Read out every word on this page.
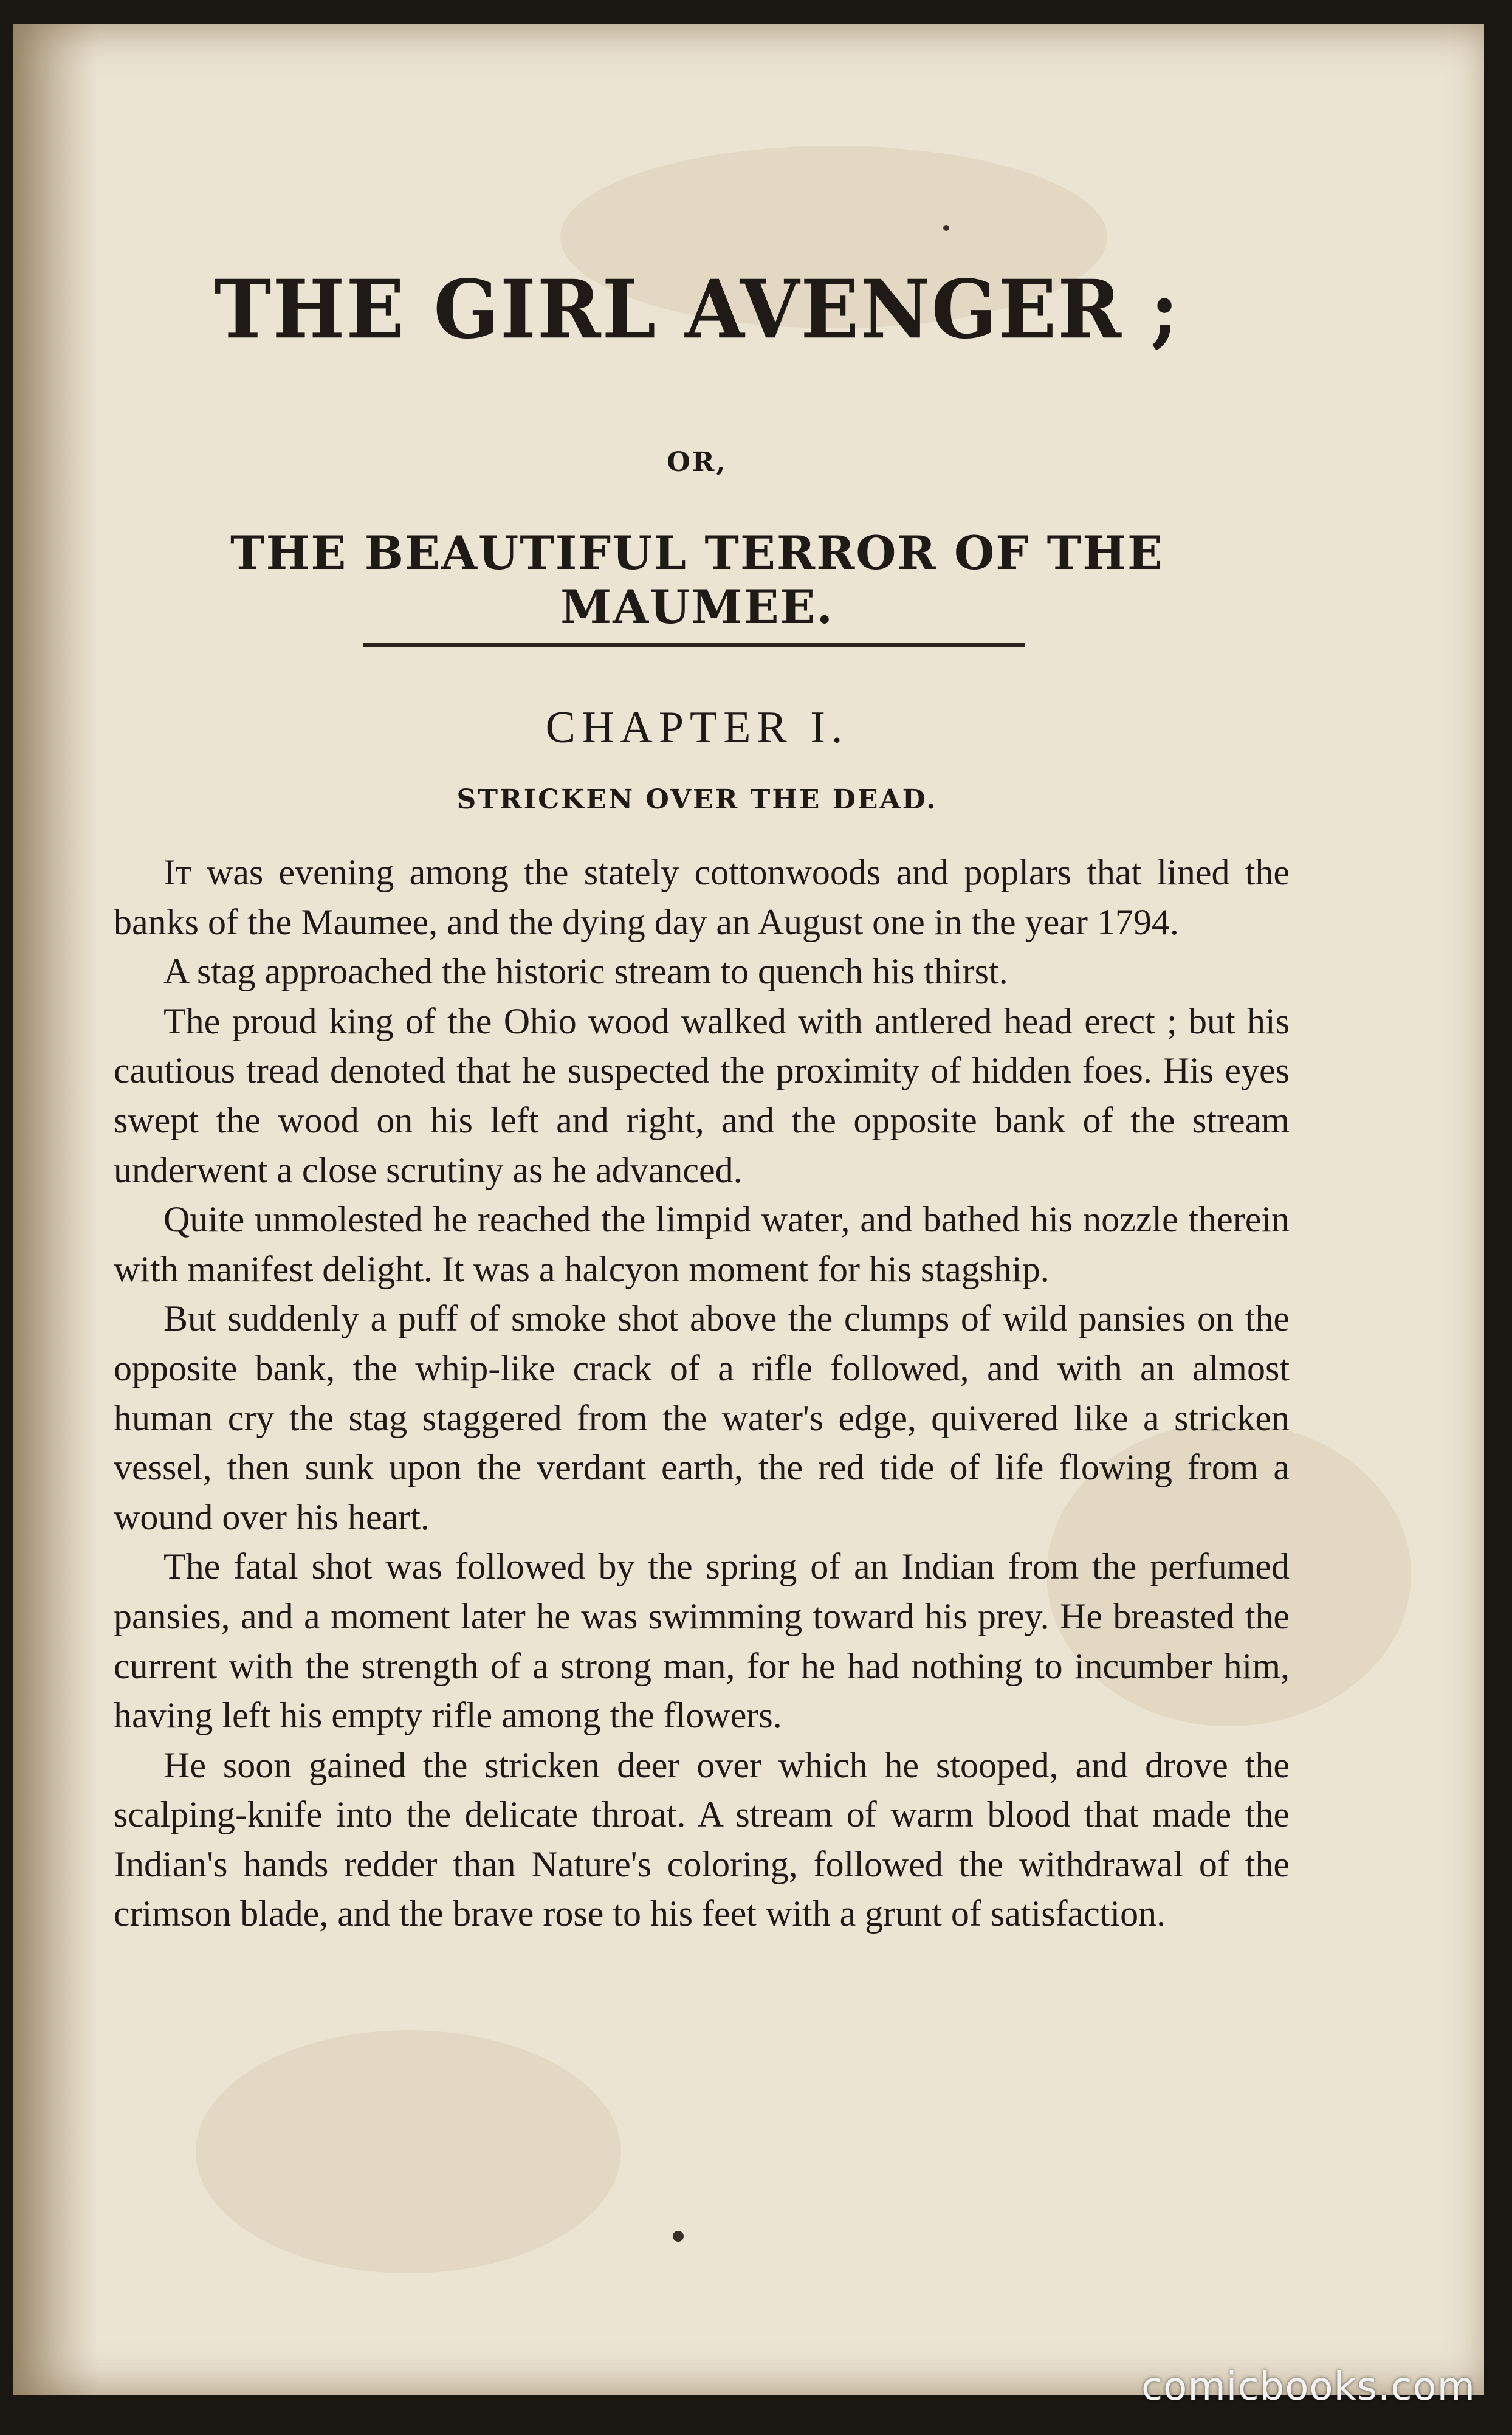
THE GIRL AVENGER ;
OR,
THE BEAUTIFUL TERROR OF THE MAUMEE.
CHAPTER I.
STRICKEN OVER THE DEAD.

It was evening among the stately cottonwoods and poplars that lined the banks of the Maumee, and the dying day an August one in the year 1794.

A stag approached the historic stream to quench his thirst.

The proud king of the Ohio wood walked with antlered head erect ; but his cautious tread denoted that he suspected the proximity of hidden foes. His eyes swept the wood on his left and right, and the opposite bank of the stream underwent a close scrutiny as he advanced.

Quite unmolested he reached the limpid water, and bathed his nozzle therein with manifest delight. It was a halcyon moment for his stagship.

But suddenly a puff of smoke shot above the clumps of wild pansies on the opposite bank, the whip-like crack of a rifle followed, and with an almost human cry the stag staggered from the water's edge, quivered like a stricken vessel, then sunk upon the verdant earth, the red tide of life flowing from a wound over his heart.

The fatal shot was followed by the spring of an Indian from the perfumed pansies, and a moment later he was swimming toward his prey. He breasted the current with the strength of a strong man, for he had nothing to incumber him, having left his empty rifle among the flowers.

He soon gained the stricken deer over which he stooped, and drove the scalping-knife into the delicate throat. A stream of warm blood that made the Indian's hands redder than Nature's coloring, followed the withdrawal of the crimson blade, and the brave rose to his feet with a grunt of satisfaction.

comicbooks.com
